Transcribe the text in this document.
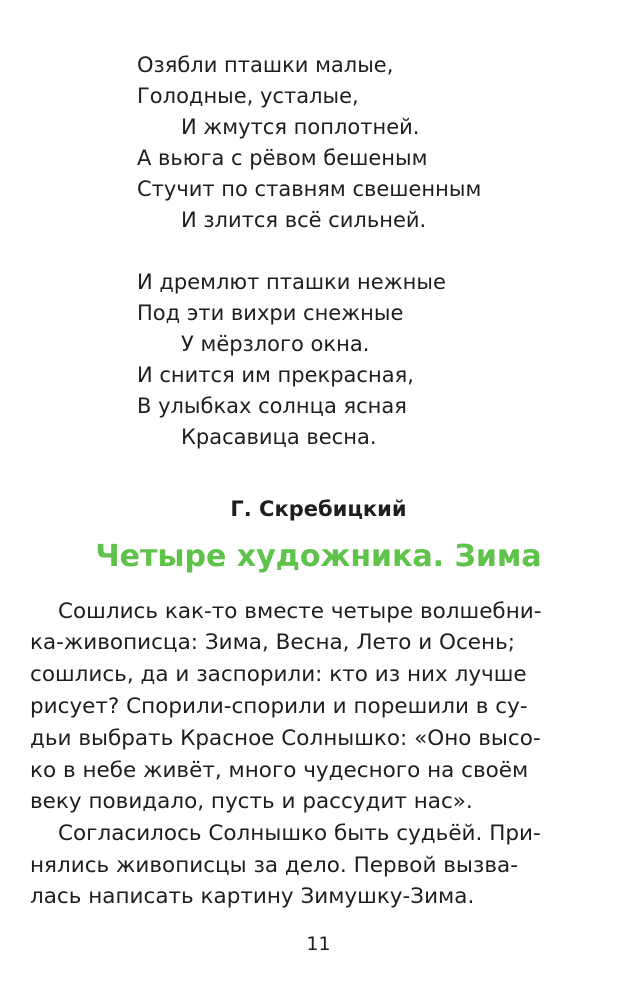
Озябли пташки малые,

Голодные, усталые,

И жмутся поплотней.

А вьюга с рёвом бешеным

Стучит по ставням свешенным

И злится всё сильней.

И дремлют пташки нежные

Под эти вихри снежные

У мёрзлого окна.

И снится им прекрасная,

В улыбках солнца ясная

Красавица весна.

Г. Скребицкий

Четыре художника. Зима

Сошлись как-то вместе четыре волшебни-

ка-живописца: Зима, Весна, Лето и Осень;

сошлись, да и заспорили: кто из них лучше

рисует? Спорили-спорили и порешили в су-

дьи выбрать Красное Солнышко: «Оно высо-

ко в небе живёт, много чудесного на своём

веку повидало, пусть и рассудит нас».

Согласилось Солнышко быть судьёй. При-

нялись живописцы за дело. Первой вызва-

лась написать картину Зимушку-Зима.

11
